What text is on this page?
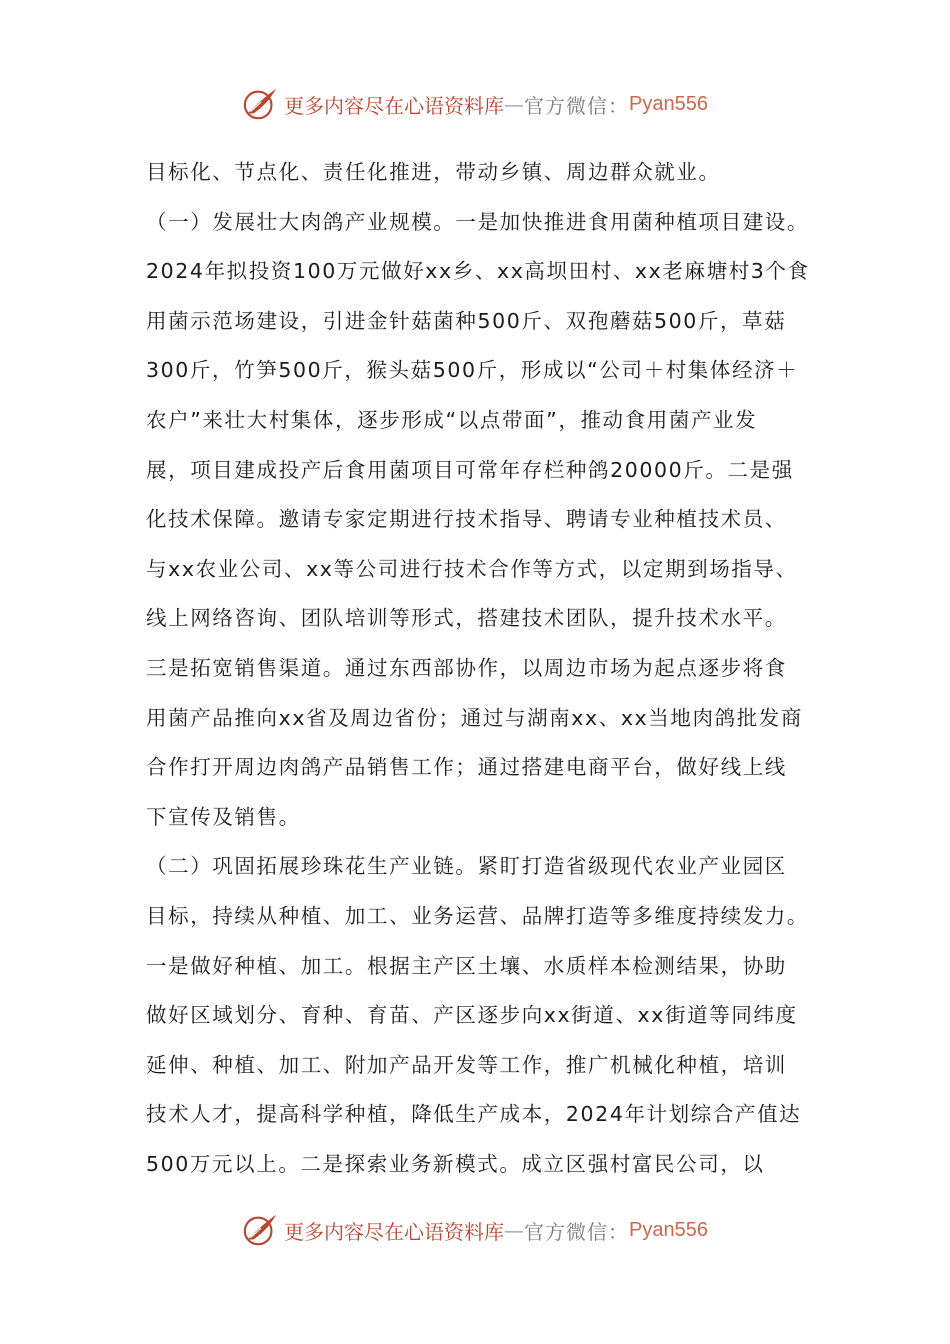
更多内容尽在心语资料库 — 官方微信： Pyan556
目标化、节点化、责任化推进，带动乡镇、周边群众就业。
（一）发展壮大肉鸽产业规模。一是加快推进食用菌种植项目建设。
2024年拟投资100万元做好xx乡、xx高坝田村、xx老麻塘村3个食
用菌示范场建设，引进金针菇菌种500斤、双孢蘑菇500斤，草菇
300斤，竹笋500斤，猴头菇500斤，形成以“公司＋村集体经济＋
农户”来壮大村集体，逐步形成“以点带面”，推动食用菌产业发
展，项目建成投产后食用菌项目可常年存栏种鸽20000斤。二是强
化技术保障。邀请专家定期进行技术指导、聘请专业种植技术员、
与xx农业公司、xx等公司进行技术合作等方式，以定期到场指导、
线上网络咨询、团队培训等形式，搭建技术团队，提升技术水平。
三是拓宽销售渠道。通过东西部协作，以周边市场为起点逐步将食
用菌产品推向xx省及周边省份；通过与湖南xx、xx当地肉鸽批发商
合作打开周边肉鸽产品销售工作；通过搭建电商平台，做好线上线
下宣传及销售。
（二）巩固拓展珍珠花生产业链。紧盯打造省级现代农业产业园区
目标，持续从种植、加工、业务运营、品牌打造等多维度持续发力。
一是做好种植、加工。根据主产区土壤、水质样本检测结果，协助
做好区域划分、育种、育苗、产区逐步向xx街道、xx街道等同纬度
延伸、种植、加工、附加产品开发等工作，推广机械化种植，培训
技术人才，提高科学种植，降低生产成本，2024年计划综合产值达
500万元以上。二是探索业务新模式。成立区强村富民公司，以
更多内容尽在心语资料库 — 官方微信： Pyan556
